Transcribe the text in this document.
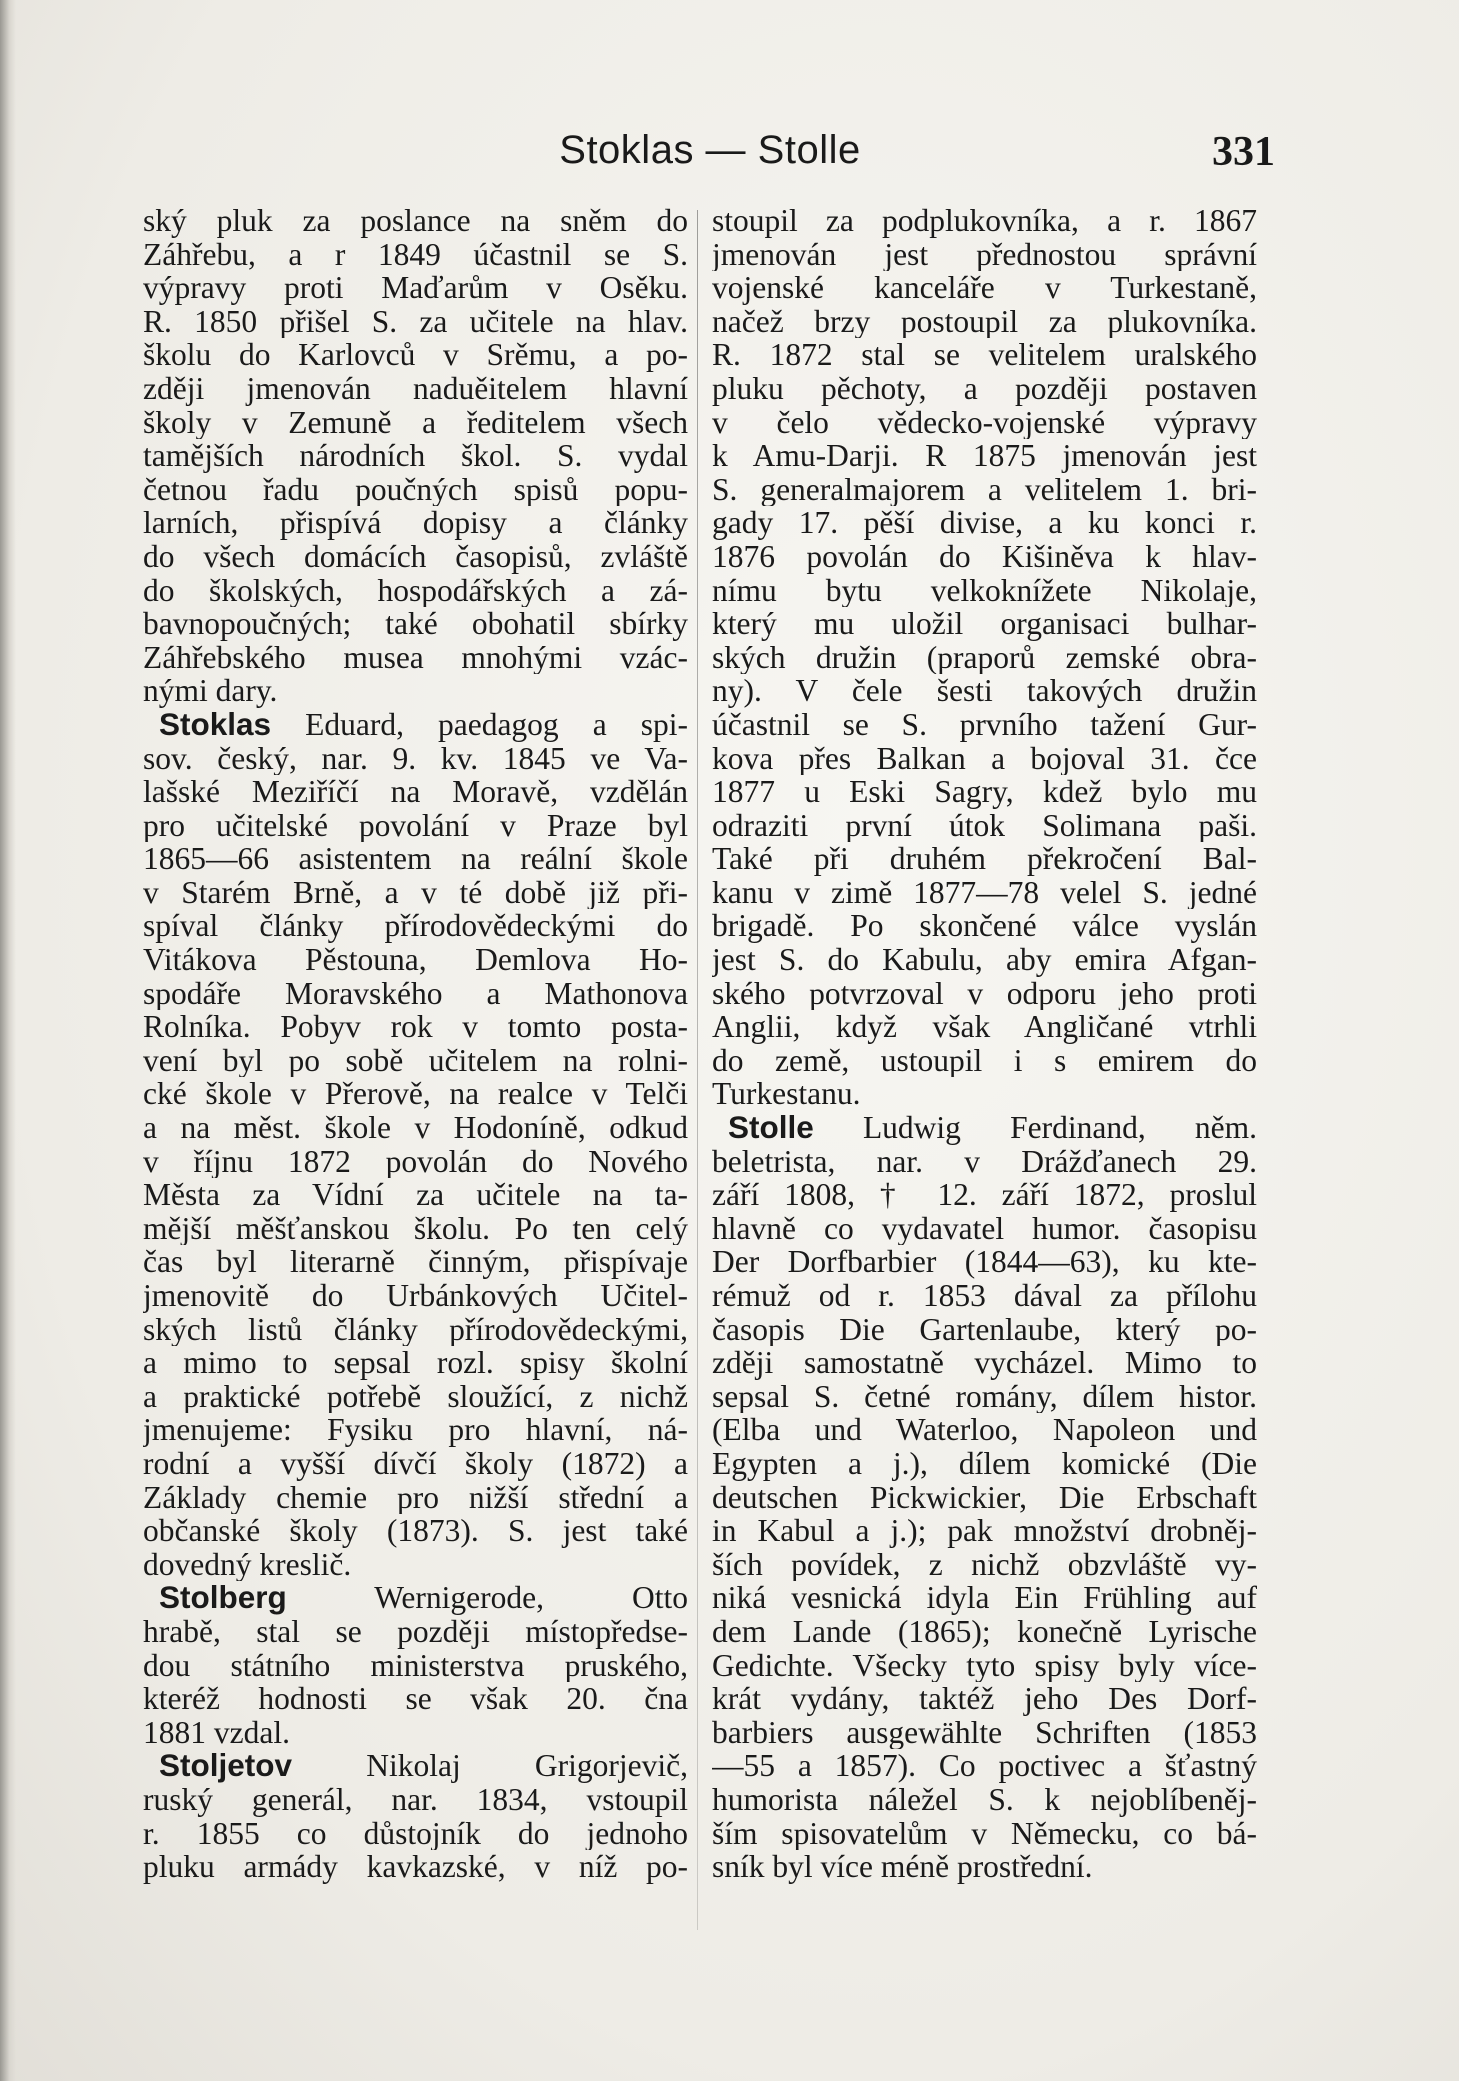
Stoklas — Stolle	331
ský pluk za poslance na sněm do
Záhřebu, a r 1849 účastnil se S.
výpravy proti Maďarům v Osěku.
R. 1850 přišel S. za učitele na hlav.
školu do Karlovců v Srěmu, a po-
zději jmenován naduěitelem hlavní
školy v Zemuně a ředitelem všech
tamějších národních škol. S. vydal
četnou řadu poučných spisů popu-
larních, přispívá dopisy a články
do všech domácích časopisů, zvláště
do školských, hospodářských a zá-
bavnopoučných; také obohatil sbírky
Záhřebského musea mnohými vzác-
nými dary.
Stoklas Eduard, paedagog a spi-
sov. český, nar. 9. kv. 1845 ve Va-
lašské Meziříčí na Moravě, vzdělán
pro učitelské povolání v Praze byl
1865—66 asistentem na reální škole
v Starém Brně, a v té době již při-
spíval články přírodovědeckými do
Vitákova Pěstouna, Demlova Ho-
spodáře Moravského a Mathonova
Rolníka. Pobyv rok v tomto posta-
vení byl po sobě učitelem na rolni-
cké škole v Přerově, na realce v Telči
a na měst. škole v Hodoníně, odkud
v říjnu 1872 povolán do Nového
Města za Vídní za učitele na ta-
mější měšťanskou školu. Po ten celý
čas byl literarně činným, přispívaje
jmenovitě do Urbánkových Učitel-
ských listů články přírodovědeckými,
a mimo to sepsal rozl. spisy školní
a praktické potřebě sloužící, z nichž
jmenujeme: Fysiku pro hlavní, ná-
rodní a vyšší dívčí školy (1872) a
Základy chemie pro nižší střední a
občanské školy (1873). S. jest také
dovedný kreslič.
Stolberg Wernigerode, Otto
hrabě, stal se později místopředse-
dou státního ministerstva pruského,
kteréž hodnosti se však 20. čna
1881 vzdal.
Stoljetov Nikolaj Grigorjevič,
ruský generál, nar. 1834, vstoupil
r. 1855 co důstojník do jednoho
pluku armády kavkazské, v níž po-
stoupil za podplukovníka, a r. 1867
jmenován jest přednostou správní
vojenské kanceláře v Turkestaně,
načež brzy postoupil za plukovníka.
R. 1872 stal se velitelem uralského
pluku pěchoty, a později postaven
v čelo vědecko-vojenské výpravy
k Amu-Darji. R 1875 jmenován jest
S. generalmajorem a velitelem 1. bri-
gady 17. pěší divise, a ku konci r.
1876 povolán do Kišiněva k hlav-
nímu bytu velkoknížete Nikolaje,
který mu uložil organisaci bulhar-
ských družin (praporů zemské obra-
ny). V čele šesti takových družin
účastnil se S. prvního tažení Gur-
kova přes Balkan a bojoval 31. čce
1877 u Eski Sagry, kdež bylo mu
odraziti první útok Solimana paši.
Také při druhém překročení Bal-
kanu v zimě 1877—78 velel S. jedné
brigadě. Po skončené válce vyslán
jest S. do Kabulu, aby emira Afgan-
ského potvrzoval v odporu jeho proti
Anglii, když však Angličané vtrhli
do země, ustoupil i s emirem do
Turkestanu.
Stolle Ludwig Ferdinand, něm.
beletrista, nar. v Drážďanech 29.
září 1808, † 12. září 1872, proslul
hlavně co vydavatel humor. časopisu
Der Dorfbarbier (1844—63), ku kte-
rémuž od r. 1853 dával za přílohu
časopis Die Gartenlaube, který po-
zději samostatně vycházel. Mimo to
sepsal S. četné romány, dílem histor.
(Elba und Waterloo, Napoleon und
Egypten a j.), dílem komické (Die
deutschen Pickwickier, Die Erbschaft
in Kabul a j.); pak množství drobněj-
ších povídek, z nichž obzvláště vy-
niká vesnická idyla Ein Frühling auf
dem Lande (1865); konečně Lyrische
Gedichte. Všecky tyto spisy byly více-
krát vydány, taktéž jeho Des Dorf-
barbiers ausgewählte Schriften (1853
—55 a 1857). Co poctivec a šťastný
humorista náležel S. k nejoblíbeněj-
ším spisovatelům v Německu, co bá-
sník byl více méně prostřední.
